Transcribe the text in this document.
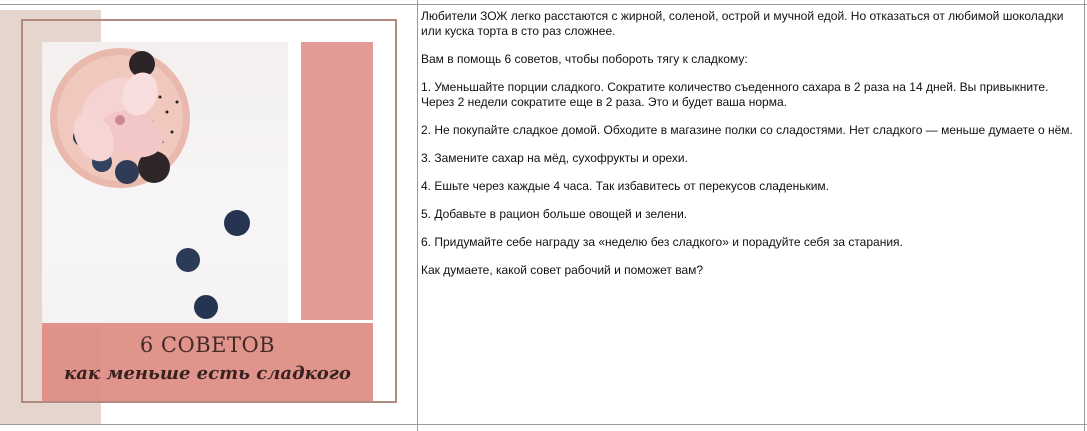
6 СОВЕТОВ
как меньше есть сладкого

Любители ЗОЖ легко расстаются с жирной, соленой, острой и мучной едой. Но отказаться от любимой шоколадки или куска торта в сто раз сложнее.

Вам в помощь 6 советов, чтобы побороть тягу к сладкому:

1. Уменьшайте порции сладкого. Сократите количество съеденного сахара в 2 раза на 14 дней. Вы привыкните. Через 2 недели сократите еще в 2 раза. Это и будет ваша норма.

2. Не покупайте сладкое домой. Обходите в магазине полки со сладостями. Нет сладкого — меньше думаете о нём.

3. Замените сахар на мёд, сухофрукты и орехи.

4. Ешьте через каждые 4 часа. Так избавитесь от перекусов сладеньким.

5. Добавьте в рацион больше овощей и зелени.

6. Придумайте себе награду за «неделю без сладкого» и порадуйте себя за старания.

Как думаете, какой совет рабочий и поможет вам?
